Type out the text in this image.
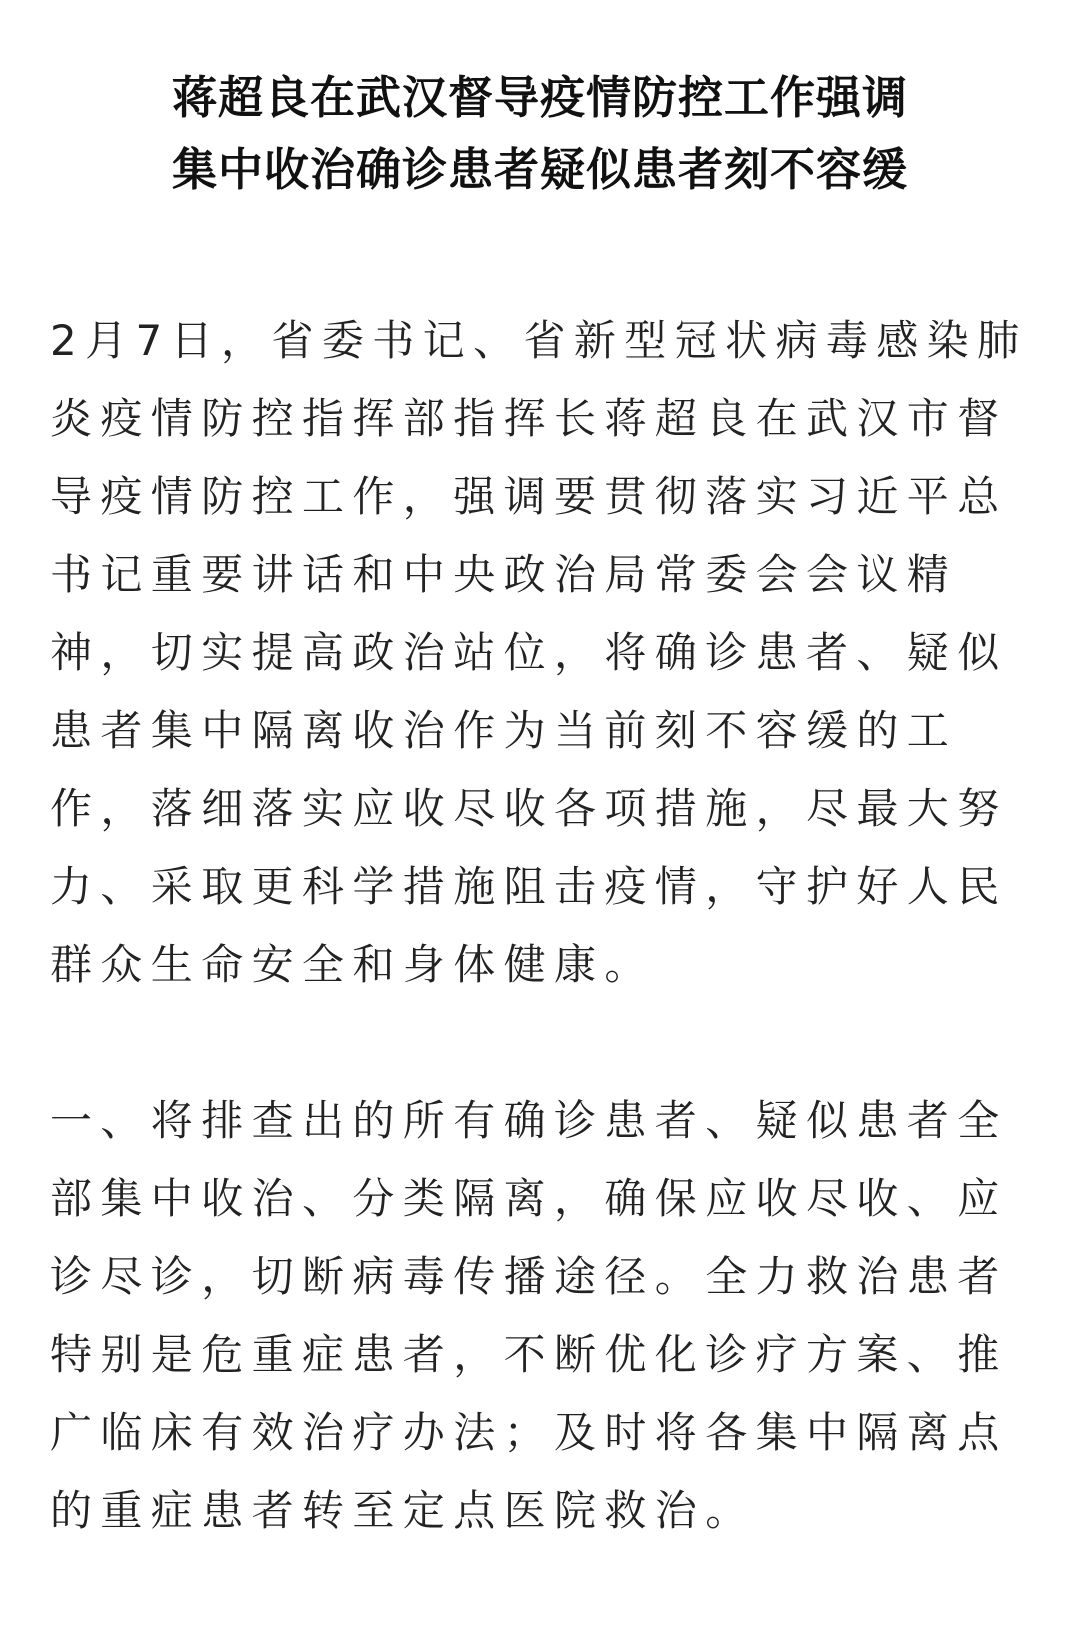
蒋超良在武汉督导疫情防控工作强调
集中收治确诊患者疑似患者刻不容缓

2月7日，省委书记、省新型冠状病毒感染肺炎疫情防控指挥部指挥长蒋超良在武汉市督导疫情防控工作，强调要贯彻落实习近平总书记重要讲话和中央政治局常委会会议精神，切实提高政治站位，将确诊患者、疑似患者集中隔离收治作为当前刻不容缓的工作，落细落实应收尽收各项措施，尽最大努力、采取更科学措施阻击疫情，守护好人民群众生命安全和身体健康。

一、将排查出的所有确诊患者、疑似患者全部集中收治、分类隔离，确保应收尽收、应诊尽诊，切断病毒传播途径。全力救治患者特别是危重症患者，不断优化诊疗方案、推广临床有效治疗办法；及时将各集中隔离点的重症患者转至定点医院救治。
